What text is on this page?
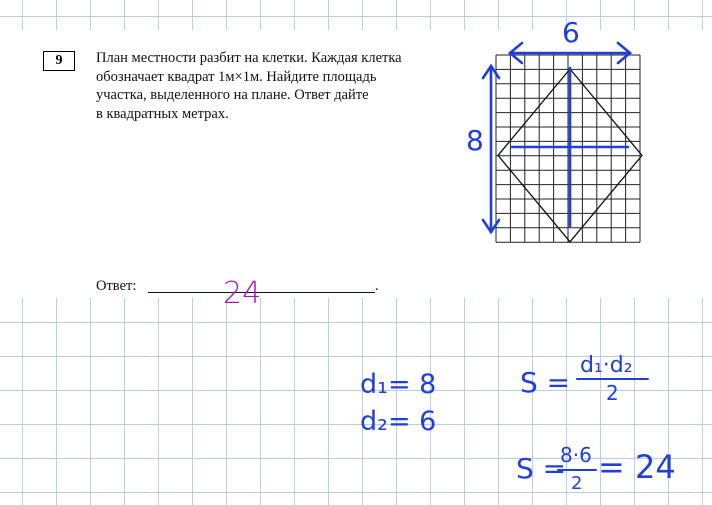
9	План местности разбит на клетки. Каждая клетка

обозначает квадрат 1м×1м. Найдите площадь

участка, выделенного на плане. Ответ дайте

в квадратных метрах.

Ответ:	.
24
6
8
d₁= 8
d₂= 6
S =
d₁·d₂
2
S =
8·6
2 = 24
